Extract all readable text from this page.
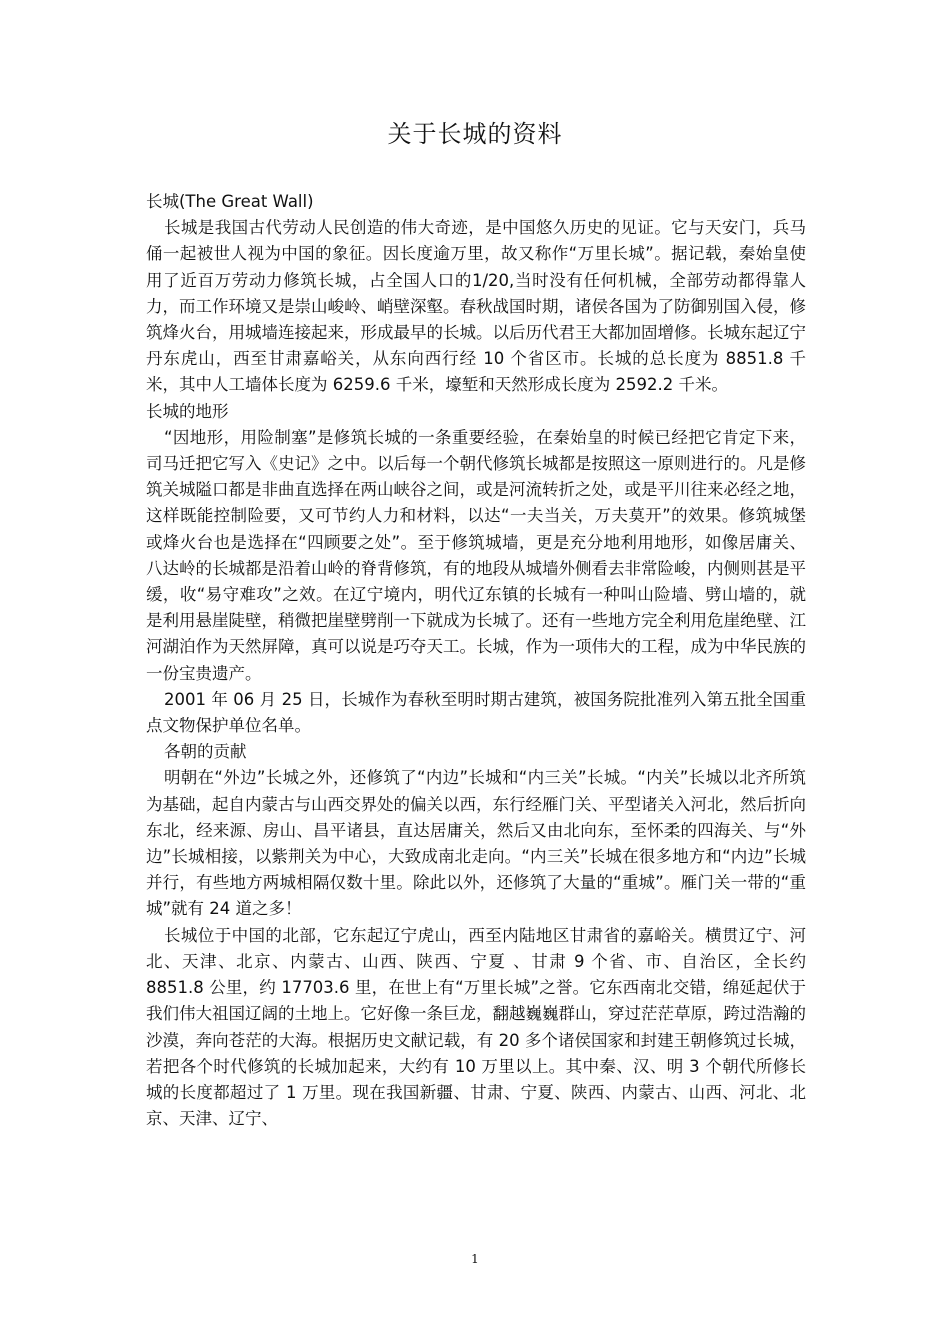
关于长城的资料

长城(The Great Wall)

长城是我国古代劳动人民创造的伟大奇迹，是中国悠久历史的见证。它与天安门，兵马俑一起被世人视为中国的象征。因长度逾万里，故又称作“万里长城”。据记载，秦始皇使用了近百万劳动力修筑长城，占全国人口的1/20,当时没有任何机械，全部劳动都得靠人力，而工作环境又是崇山峻岭、峭壁深壑。春秋战国时期，诸侯各国为了防御别国入侵，修筑烽火台，用城墙连接起来，形成最早的长城。以后历代君王大都加固增修。长城东起辽宁丹东虎山，西至甘肃嘉峪关，从东向西行经 10 个省区市。长城的总长度为 8851.8 千米，其中人工墙体长度为 6259.6 千米，壕堑和天然形成长度为 2592.2 千米。

长城的地形

“因地形，用险制塞”是修筑长城的一条重要经验，在秦始皇的时候已经把它肯定下来，司马迁把它写入《史记》之中。以后每一个朝代修筑长城都是按照这一原则进行的。凡是修筑关城隘口都是非曲直选择在两山峡谷之间，或是河流转折之处，或是平川往来必经之地，这样既能控制险要，又可节约人力和材料，以达“一夫当关，万夫莫开”的效果。修筑城堡或烽火台也是选择在“四顾要之处”。至于修筑城墙，更是充分地利用地形，如像居庸关、八达岭的长城都是沿着山岭的脊背修筑，有的地段从城墙外侧看去非常险峻，内侧则甚是平缓，收“易守难攻”之效。在辽宁境内，明代辽东镇的长城有一种叫山险墙、劈山墙的，就是利用悬崖陡壁，稍微把崖壁劈削一下就成为长城了。还有一些地方完全利用危崖绝壁、江河湖泊作为天然屏障，真可以说是巧夺天工。长城，作为一项伟大的工程，成为中华民族的一份宝贵遗产。

2001 年 06 月 25 日，长城作为春秋至明时期古建筑，被国务院批准列入第五批全国重点文物保护单位名单。

各朝的贡献

明朝在“外边”长城之外，还修筑了“内边”长城和“内三关”长城。“内关”长城以北齐所筑为基础，起自内蒙古与山西交界处的偏关以西，东行经雁门关、平型诸关入河北，然后折向东北，经来源、房山、昌平诸县，直达居庸关，然后又由北向东，至怀柔的四海关、与“外边”长城相接，以紫荆关为中心，大致成南北走向。“内三关”长城在很多地方和“内边”长城并行，有些地方两城相隔仅数十里。除此以外，还修筑了大量的“重城”。雁门关一带的“重城”就有 24 道之多！

长城位于中国的北部，它东起辽宁虎山，西至内陆地区甘肃省的嘉峪关。横贯辽宁、河北、天津、北京、内蒙古、山西、陕西、宁夏 、甘肃 9 个省、市、自治区，全长约 8851.8 公里，约 17703.6 里，在世上有“万里长城”之誉。它东西南北交错，绵延起伏于我们伟大祖国辽阔的土地上。它好像一条巨龙，翻越巍巍群山，穿过茫茫草原，跨过浩瀚的沙漠，奔向苍茫的大海。根据历史文献记载，有 20 多个诸侯国家和封建王朝修筑过长城，若把各个时代修筑的长城加起来，大约有 10 万里以上。其中秦、汉、明 3 个朝代所修长城的长度都超过了 1 万里。现在我国新疆、甘肃、宁夏、陕西、内蒙古、山西、河北、北京、天津、辽宁、

1
